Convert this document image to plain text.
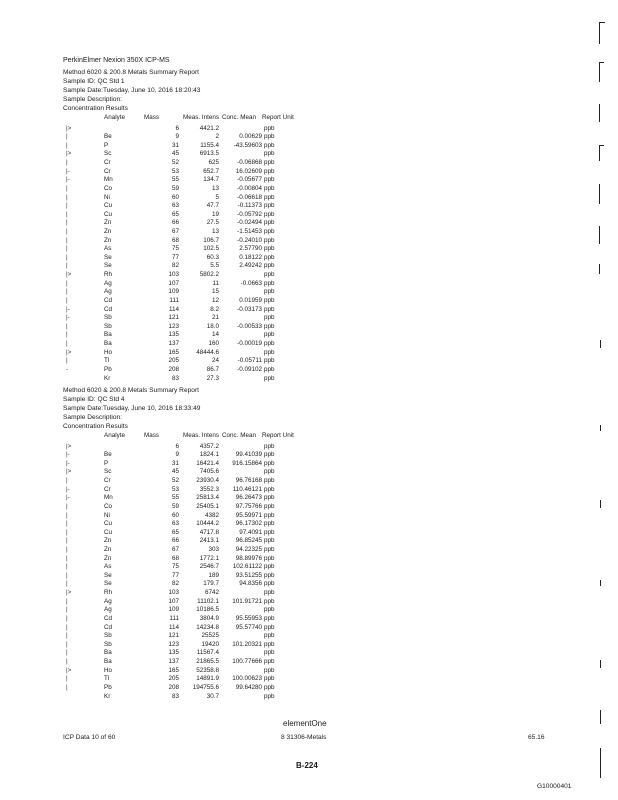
PerkinElmer Nexion 350X ICP-MS
Method 6020 & 200.8 Metals Summary Report
Sample ID: QC Std 1
Sample Date:Tuesday, June 10, 2016 18:20:43
Sample Description:
Concentration Results
Analyte	Mass	Meas. Intens Conc. Mean Report Unit
|>	6	4421.2	ppb
|	Be	9	2	0.00629 ppb
|	P	31	1155.4	-43.59603 ppb
|>	Sc	45	6913.5	ppb
|	Cr	52	625	-0.06868 ppb
|-	Cr	53	652.7	16.02609 ppb
|-	Mn	55	134.7	-0.05677 ppb
|	Co	59	13	-0.00804 ppb
|	Ni	60	5	-0.06618 ppb
|	Cu	63	47.7	-0.11373 ppb
|	Cu	65	19	-0.05792 ppb
|	Zn	66	27.5	-0.02494 ppb
|	Zn	67	13	-1.51453 ppb
|	Zn	68	106.7	-0.24010 ppb
|	As	75	102.5	2.57790 ppb
|	Se	77	60.3	0.18122 ppb
|	Se	82	5.5	2.49242 ppb
|>	Rh	103	5802.2	ppb
|	Ag	107	11	-0.0663 ppb
|	Ag	109	15	ppb
|	Cd	111	12	0.01959 ppb
|-	Cd	114	8.2	-0.03173 ppb
|-	Sb	121	21	ppb
|	Sb	123	18.0	-0.00533 ppb
|	Ba	135	14	ppb
|	Ba	137	160	-0.00019 ppb
|>	Ho	165	48444.6	ppb
|	Tl	205	24	-0.05711 ppb
-	Pb	208	86.7	-0.09102 ppb
Kr	83	27.3	ppb
Method 6020 & 200.8 Metals Summary Report
Sample ID: QC Std 4
Sample Date:Tuesday, June 10, 2016 18:33:49
Sample Description:
Concentration Results
Analyte	Mass	Meas. Intens Conc. Mean Report Unit
|>	6	4357.2	ppb
|-	Be	9	1824.1	99.41039 ppb
|-	P	31	16421.4	916.15864 ppb
|>	Sc	45	7405.6	ppb
|	Cr	52	23930.4	96.76168 ppb
|-	Cr	53	3552.3	110.46121 ppb
|-	Mn	55	25813.4	96.26473 ppb
|	Co	59	25405.1	97.75766 ppb
|	Ni	60	4382	95.59971 ppb
|	Cu	63	10444.2	96.17302 ppb
|	Cu	65	4717.8	97.4091 ppb
|	Zn	66	2413.1	96.85245 ppb
|	Zn	67	303	94.22325 ppb
|	Zn	68	1772.1	98.89976 ppb
|	As	75	2546.7	102.61122 ppb
|	Se	77	189	93.51255 ppb
|	Se	82	179.7	94.8356 ppb
|>	Rh	103	6742	ppb
|	Ag	107	11102.1	101.91721 ppb
|	Ag	109	10186.5	ppb
|	Cd	111	3804.9	95.55953 ppb
|	Cd	114	14234.8	95.57740 ppb
|	Sb	121	25525	ppb
|	Sb	123	19420	101.20321 ppb
|	Ba	135	11567.4	ppb
|	Ba	137	21865.5	100.77666 ppb
|>	Ho	165	52358.8	ppb
|	Tl	205	14891.9	100.00623 ppb
|	Pb	208	194755.6	99.64280 ppb
Kr	83	30.7	ppb
elementOne
ICP Data 10 of 60	8 31306-Metals	65.16
B-224
G10000401
